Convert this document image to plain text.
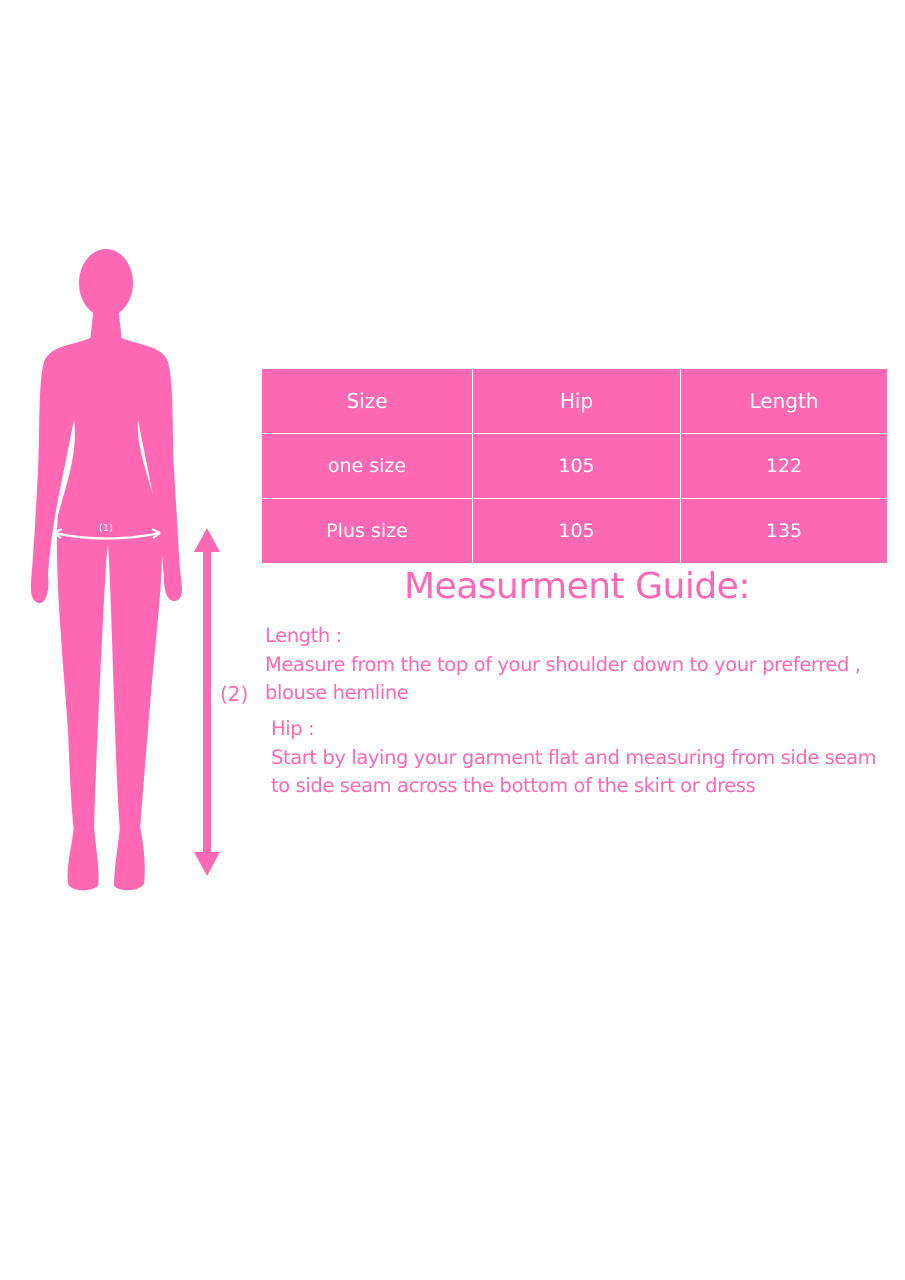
(1)
Size	Hip	Length
one size	105	122
Plus size	105	135
Measurment Guide:
(2)
Length :
Measure from the top of your shoulder down to your preferred ,
blouse hemline
Hip :
Start by laying your garment flat and measuring from side seam
to side seam across the bottom of the skirt or dress
